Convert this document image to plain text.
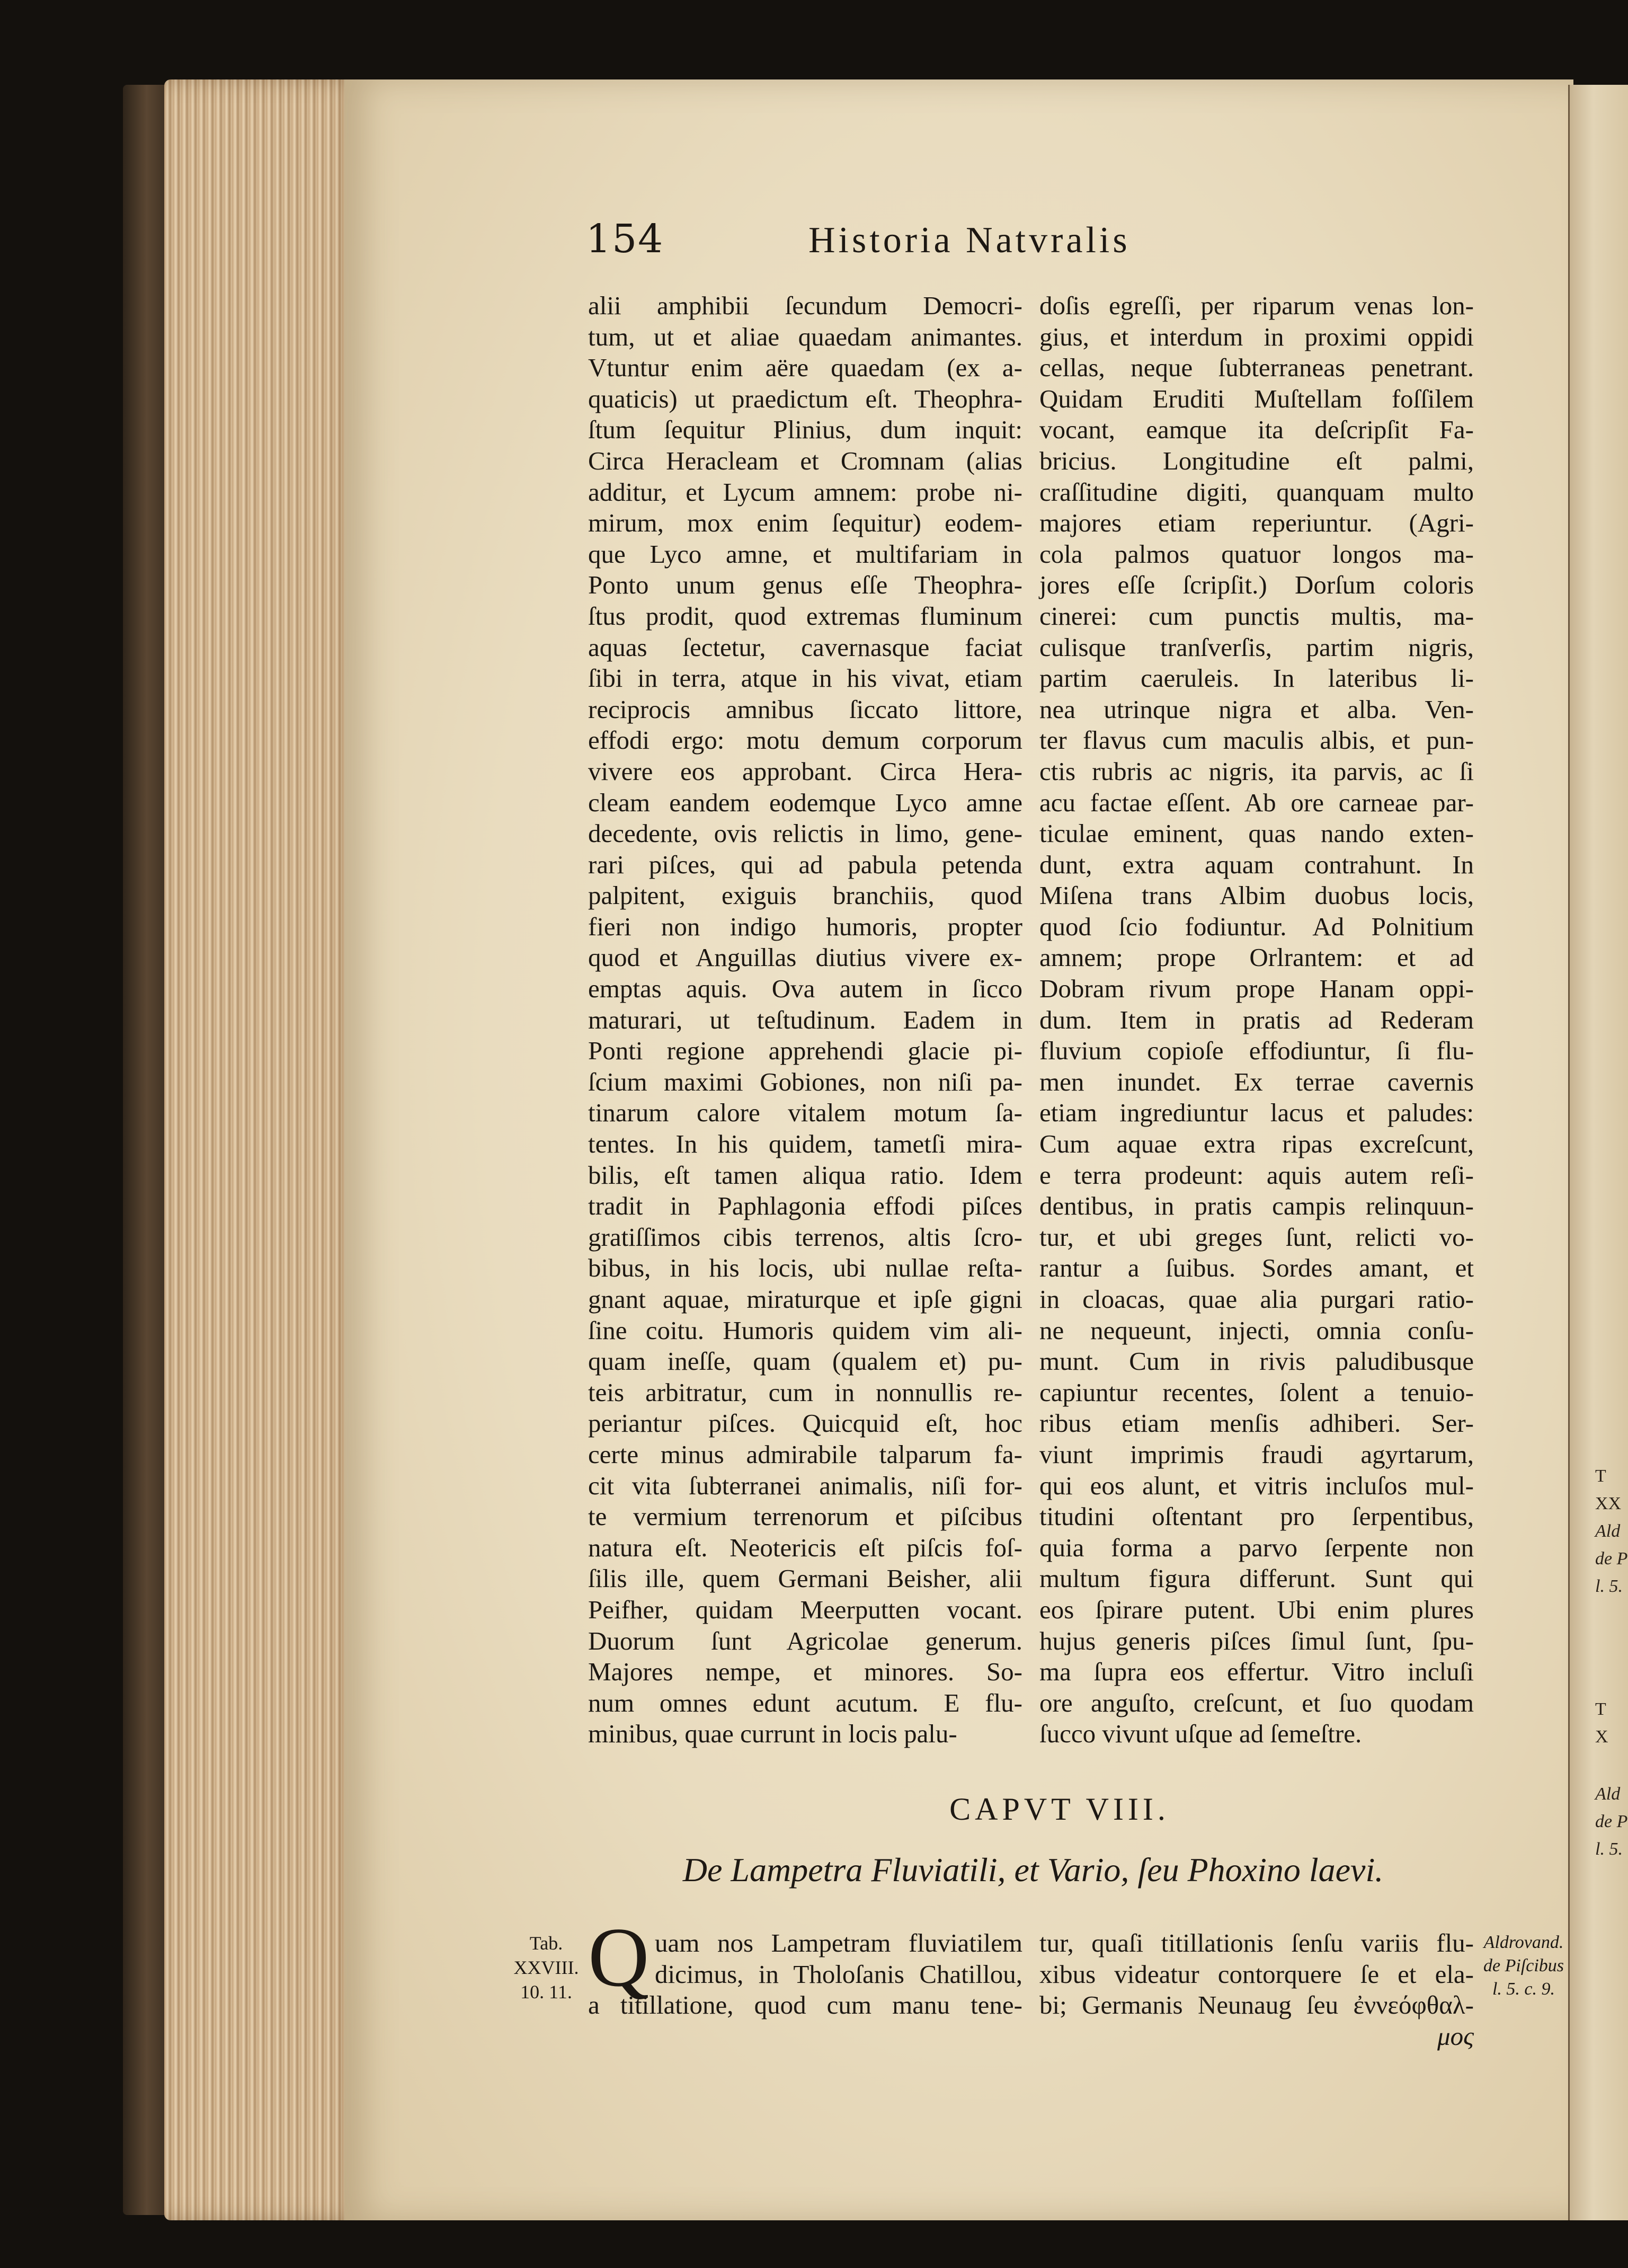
T
XX
Ald
de P
l. 5.
T
X
Ald
de P
l. 5.
154	Historia Natvralis
alii amphibii ſecundum Democri-
tum, ut et aliae quaedam animantes.
Vtuntur enim aëre quaedam (ex a-
quaticis) ut praedictum eſt. Theophra-
ſtum ſequitur Plinius, dum inquit:
Circa Heracleam et Cromnam (alias
additur, et Lycum amnem: probe ni-
mirum, mox enim ſequitur) eodem-
que Lyco amne, et multifariam in
Ponto unum genus eſſe Theophra-
ſtus prodit, quod extremas fluminum
aquas ſectetur, cavernasque faciat
ſibi in terra, atque in his vivat, etiam
reciprocis amnibus ſiccato littore,
effodi ergo: motu demum corporum
vivere eos approbant. Circa Hera-
cleam eandem eodemque Lyco amne
decedente, ovis relictis in limo, gene-
rari piſces, qui ad pabula petenda
palpitent, exiguis branchiis, quod
fieri non indigo humoris, propter
quod et Anguillas diutius vivere ex-
emptas aquis. Ova autem in ſicco
maturari, ut teſtudinum. Eadem in
Ponti regione apprehendi glacie pi-
ſcium maximi Gobiones, non niſi pa-
tinarum calore vitalem motum ſa-
tentes. In his quidem, tametſi mira-
bilis, eſt tamen aliqua ratio. Idem
tradit in Paphlagonia effodi piſces
gratiſſimos cibis terrenos, altis ſcro-
bibus, in his locis, ubi nullae reſta-
gnant aquae, miraturque et ipſe gigni
ſine coitu. Humoris quidem vim ali-
quam ineſſe, quam (qualem et) pu-
teis arbitratur, cum in nonnullis re-
periantur piſces. Quicquid eſt, hoc
certe minus admirabile talparum fa-
cit vita ſubterranei animalis, niſi for-
te vermium terrenorum et piſcibus
natura eſt. Neotericis eſt piſcis foſ-
ſilis ille, quem Germani Beisher, alii
Peifher, quidam Meerputten vocant.
Duorum ſunt Agricolae generum.
Majores nempe, et minores. So-
num omnes edunt acutum. E flu-
minibus, quae currunt in locis palu-
doſis egreſſi, per riparum venas lon-
gius, et interdum in proximi oppidi
cellas, neque ſubterraneas penetrant.
Quidam Eruditi Muſtellam foſſilem
vocant, eamque ita deſcripſit Fa-
bricius. Longitudine eſt palmi,
craſſitudine digiti, quanquam multo
majores etiam reperiuntur. (Agri-
cola palmos quatuor longos ma-
jores eſſe ſcripſit.) Dorſum coloris
cinerei: cum punctis multis, ma-
culisque tranſverſis, partim nigris,
partim caeruleis. In lateribus li-
nea utrinque nigra et alba. Ven-
ter flavus cum maculis albis, et pun-
ctis rubris ac nigris, ita parvis, ac ſi
acu factae eſſent. Ab ore carneae par-
ticulae eminent, quas nando exten-
dunt, extra aquam contrahunt. In
Miſena trans Albim duobus locis,
quod ſcio fodiuntur. Ad Polnitium
amnem; prope Orlrantem: et ad
Dobram rivum prope Hanam oppi-
dum. Item in pratis ad Rederam
fluvium copioſe effodiuntur, ſi flu-
men inundet. Ex terrae cavernis
etiam ingrediuntur lacus et paludes:
Cum aquae extra ripas excreſcunt,
e terra prodeunt: aquis autem reſi-
dentibus, in pratis campis relinquun-
tur, et ubi greges ſunt, relicti vo-
rantur a ſuibus. Sordes amant, et
in cloacas, quae alia purgari ratio-
ne nequeunt, injecti, omnia conſu-
munt. Cum in rivis paludibusque
capiuntur recentes, ſolent a tenuio-
ribus etiam menſis adhiberi. Ser-
viunt imprimis fraudi agyrtarum,
qui eos alunt, et vitris incluſos mul-
titudini oſtentant pro ſerpentibus,
quia forma a parvo ſerpente non
multum figura differunt. Sunt qui
eos ſpirare putent. Ubi enim plures
hujus generis piſces ſimul ſunt, ſpu-
ma ſupra eos effertur. Vitro incluſi
ore anguſto, creſcunt, et ſuo quodam
ſucco vivunt uſque ad ſemeſtre.
CAPVT VIII.
De Lampetra Fluviatili, et Vario, ſeu Phoxino laevi.
Tab.
XXVIII.
10. 11.
Aldrovand.
de Piſcibus
l. 5. c. 9.
Q uam nos Lampetram fluviatilem
dicimus, in Tholoſanis Chatillou,
a titillatione, quod cum manu tene-
tur, quaſi titillationis ſenſu variis flu-
xibus videatur contorquere ſe et ela-
bi; Germanis Neunaug ſeu ἐννεόφθαλ-
μος
